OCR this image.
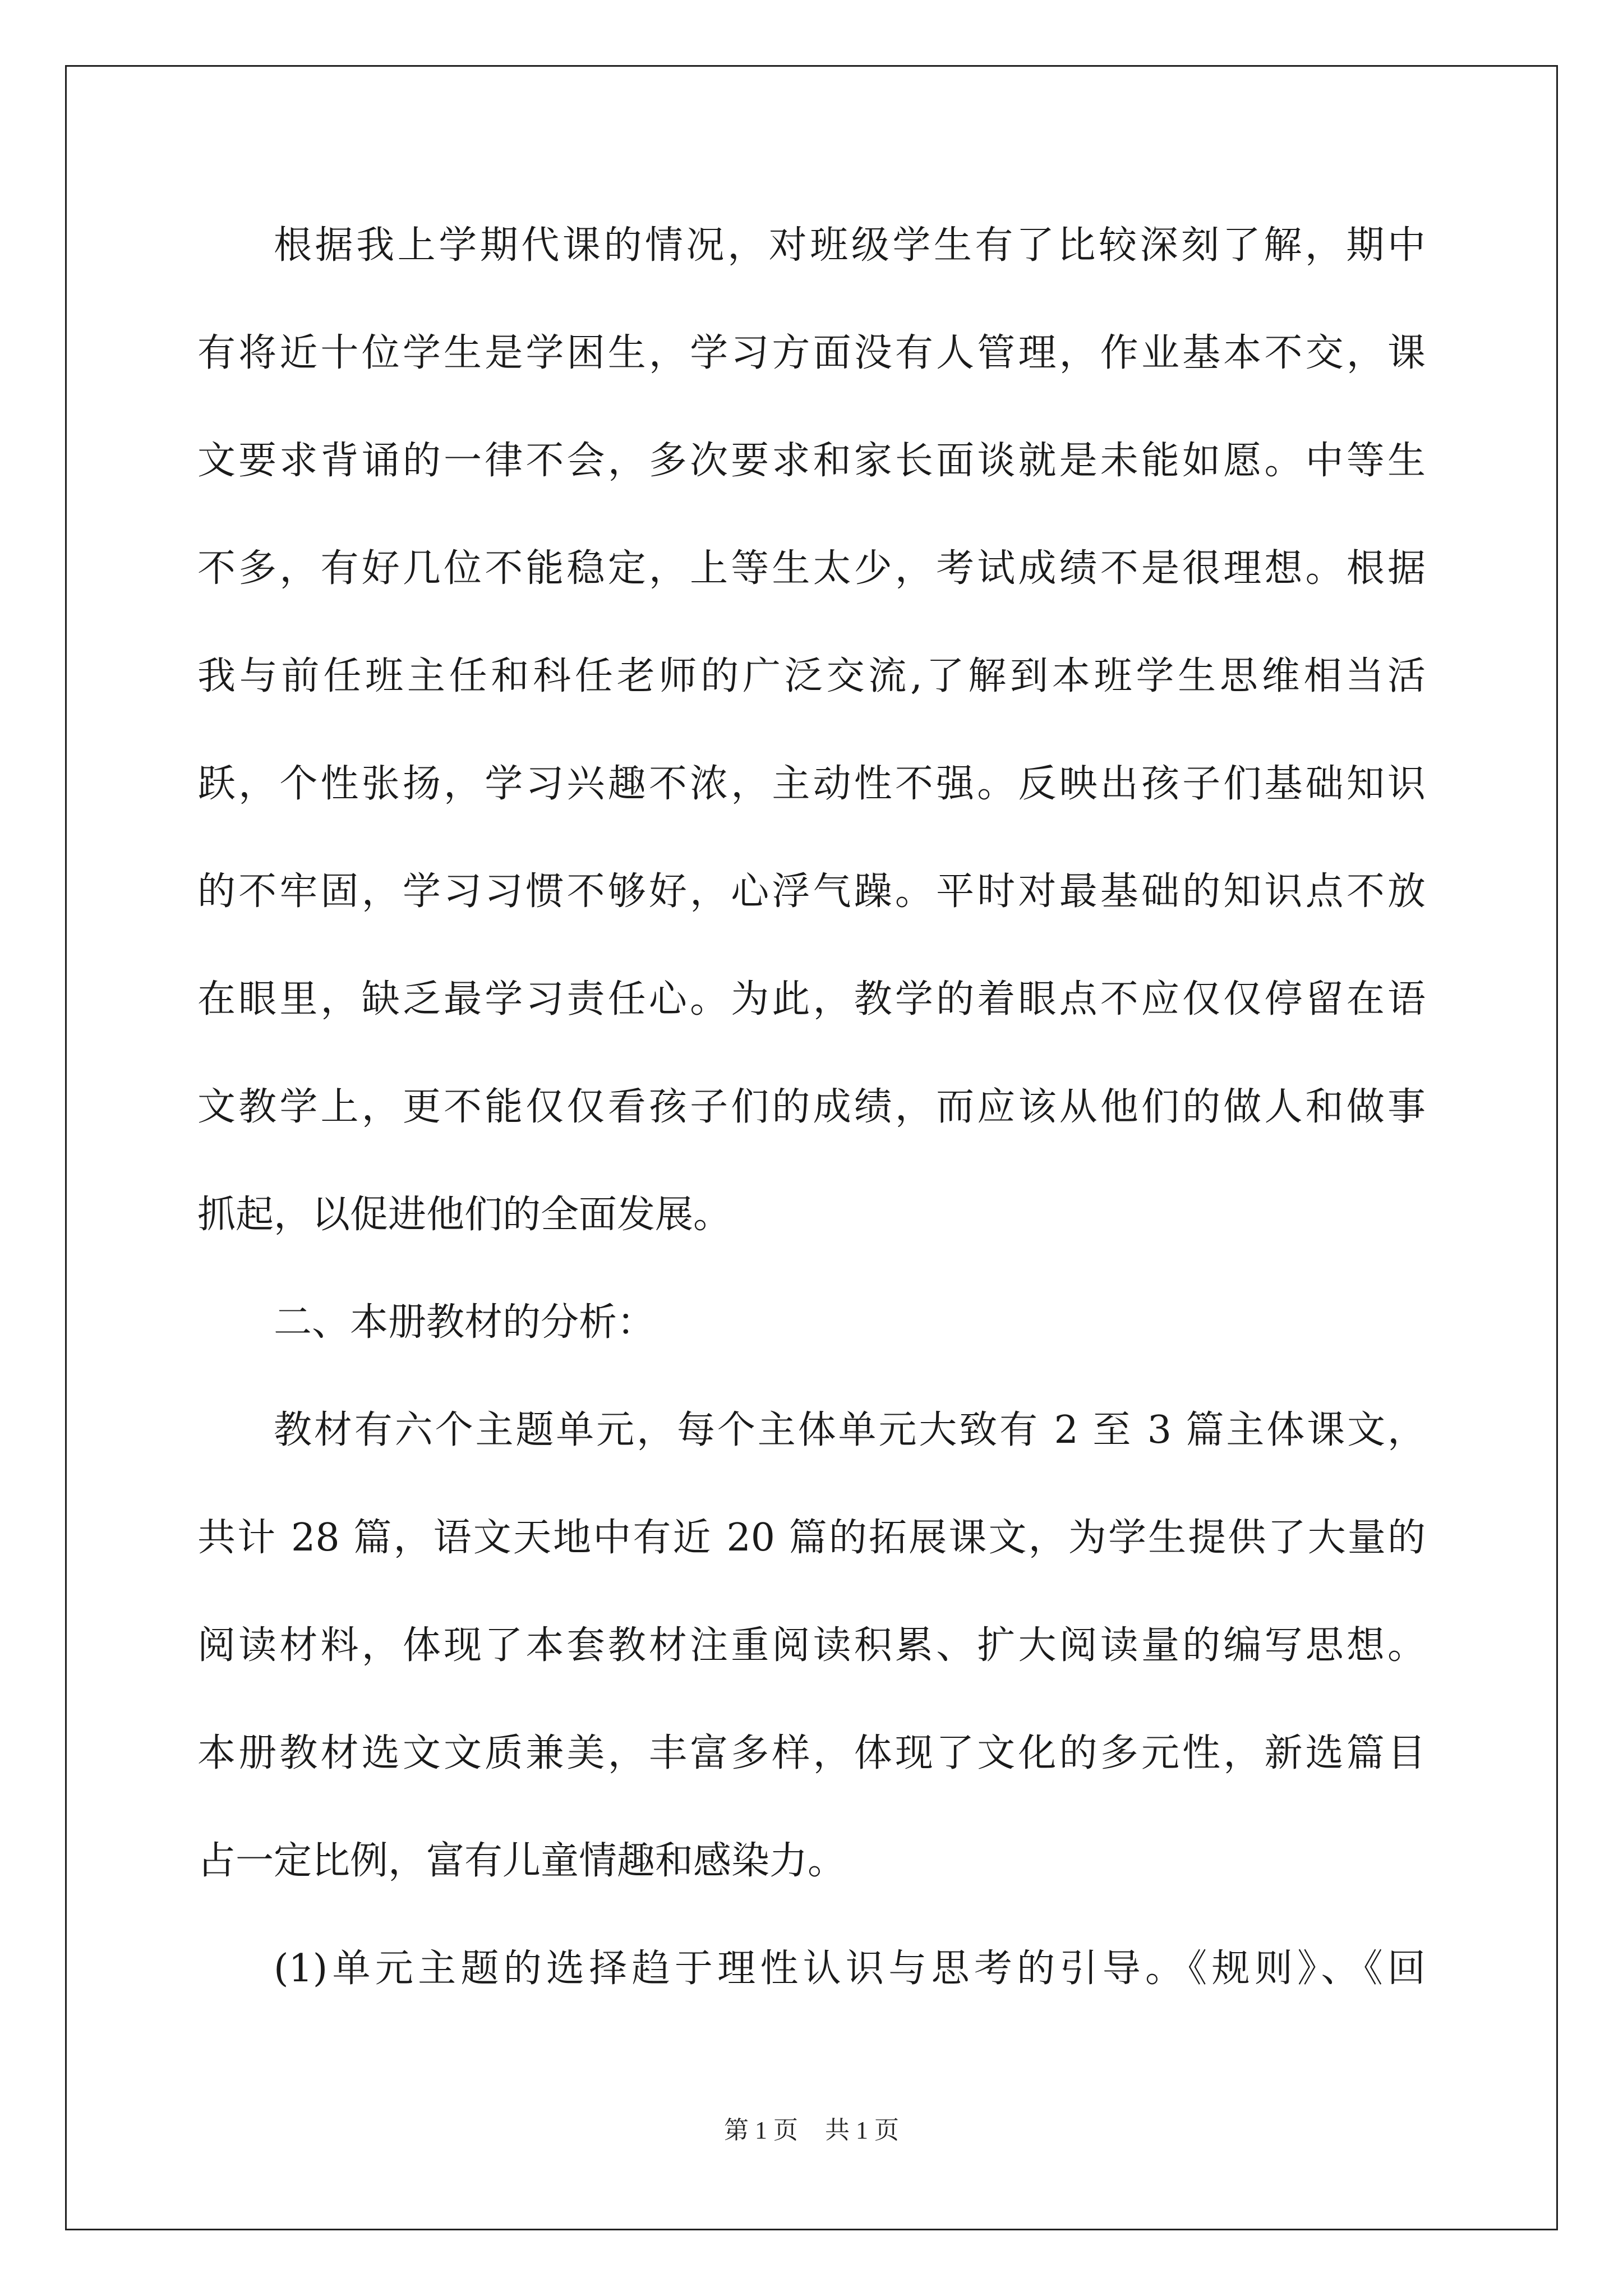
根据我上学期代课的情况，对班级学生有了比较深刻了解，期中
有将近十位学生是学困生，学习方面没有人管理，作业基本不交，课
文要求背诵的一律不会，多次要求和家长面谈就是未能如愿。中等生
不多，有好几位不能稳定，上等生太少，考试成绩不是很理想。根据
我与前任班主任和科任老师的广泛交流,了解到本班学生思维相当活
跃，个性张扬，学习兴趣不浓，主动性不强。反映出孩子们基础知识
的不牢固，学习习惯不够好，心浮气躁。平时对最基础的知识点不放
在眼里，缺乏最学习责任心。为此，教学的着眼点不应仅仅停留在语
文教学上，更不能仅仅看孩子们的成绩，而应该从他们的做人和做事
抓起，以促进他们的全面发展。
二、本册教材的分析：
教材有六个主题单元，每个主体单元大致有 2 至 3 篇主体课文，
共计 28 篇，语文天地中有近 20 篇的拓展课文，为学生提供了大量的
阅读材料，体现了本套教材注重阅读积累、扩大阅读量的编写思想。
本册教材选文文质兼美，丰富多样，体现了文化的多元性，新选篇目
占一定比例，富有儿童情趣和感染力。
(1)单元主题的选择趋于理性认识与思考的引导。《规则》、《回
第 1 页 共 1 页
